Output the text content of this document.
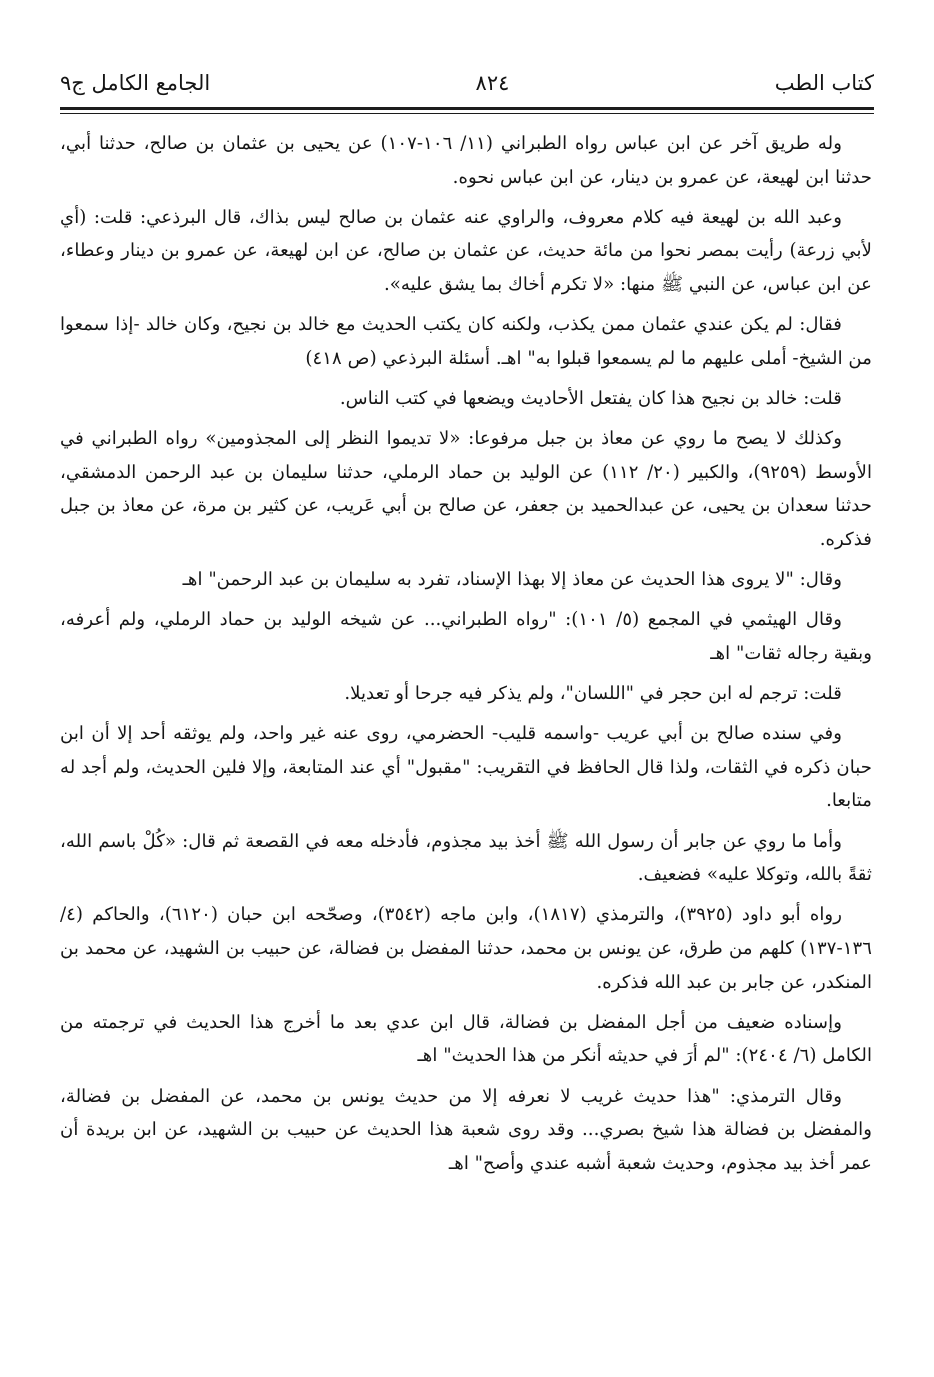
كتاب الطب
٨٢٤
الجامع الكامل ج٩

وله طريق آخر عن ابن عباس رواه الطبراني (١١/ ١٠٦-١٠٧) عن يحيى بن عثمان بن صالح، حدثنا أبي، حدثنا ابن لهيعة، عن عمرو بن دينار، عن ابن عباس نحوه.

وعبد الله بن لهيعة فيه كلام معروف، والراوي عنه عثمان بن صالح ليس بذاك، قال البرذعي: قلت: (أي لأبي زرعة) رأيت بمصر نحوا من مائة حديث، عن عثمان بن صالح، عن ابن لهيعة، عن عمرو بن دينار وعطاء، عن ابن عباس، عن النبي ﷺ منها: «لا تكرم أخاك بما يشق عليه».

فقال: لم يكن عندي عثمان ممن يكذب، ولكنه كان يكتب الحديث مع خالد بن نجيح، وكان خالد -إذا سمعوا من الشيخ- أملى عليهم ما لم يسمعوا قبلوا به" اهـ. أسئلة البرذعي (ص ٤١٨)

قلت: خالد بن نجيح هذا كان يفتعل الأحاديث ويضعها في كتب الناس.

وكذلك لا يصح ما روي عن معاذ بن جبل مرفوعا: «لا تديموا النظر إلى المجذومين» رواه الطبراني في الأوسط (٩٢٥٩)، والكبير (٢٠/ ١١٢) عن الوليد بن حماد الرملي، حدثنا سليمان بن عبد الرحمن الدمشقي، حدثنا سعدان بن يحيى، عن عبدالحميد بن جعفر، عن صالح بن أبي عَريب، عن كثير بن مرة، عن معاذ بن جبل فذكره.

وقال: "لا يروى هذا الحديث عن معاذ إلا بهذا الإسناد، تفرد به سليمان بن عبد الرحمن" اهـ

وقال الهيثمي في المجمع (٥/ ١٠١): "رواه الطبراني... عن شيخه الوليد بن حماد الرملي، ولم أعرفه، وبقية رجاله ثقات" اهـ

قلت: ترجم له ابن حجر في "اللسان"، ولم يذكر فيه جرحا أو تعديلا.

وفي سنده صالح بن أبي عريب -واسمه قليب- الحضرمي، روى عنه غير واحد، ولم يوثقه أحد إلا أن ابن حبان ذكره في الثقات، ولذا قال الحافظ في التقريب: "مقبول" أي عند المتابعة، وإلا فلين الحديث، ولم أجد له متابعا.

وأما ما روي عن جابر أن رسول الله ﷺ أخذ بيد مجذوم، فأدخله معه في القصعة ثم قال: «كُلْ باسم الله، ثقةً بالله، وتوكلا عليه» فضعيف.

رواه أبو داود (٣٩٢٥)، والترمذي (١٨١٧)، وابن ماجه (٣٥٤٢)، وصحّحه ابن حبان (٦١٢٠)، والحاكم (٤/ ١٣٦-١٣٧) كلهم من طرق، عن يونس بن محمد، حدثنا المفضل بن فضالة، عن حبيب بن الشهيد، عن محمد بن المنكدر، عن جابر بن عبد الله فذكره.

وإسناده ضعيف من أجل المفضل بن فضالة، قال ابن عدي بعد ما أخرج هذا الحديث في ترجمته من الكامل (٦/ ٢٤٠٤): "لم أرَ في حديثه أنكر من هذا الحديث" اهـ

وقال الترمذي: "هذا حديث غريب لا نعرفه إلا من حديث يونس بن محمد، عن المفضل بن فضالة، والمفضل بن فضالة هذا شيخ بصري... وقد روى شعبة هذا الحديث عن حبيب بن الشهيد، عن ابن بريدة أن عمر أخذ بيد مجذوم، وحديث شعبة أشبه عندي وأصح" اهـ
